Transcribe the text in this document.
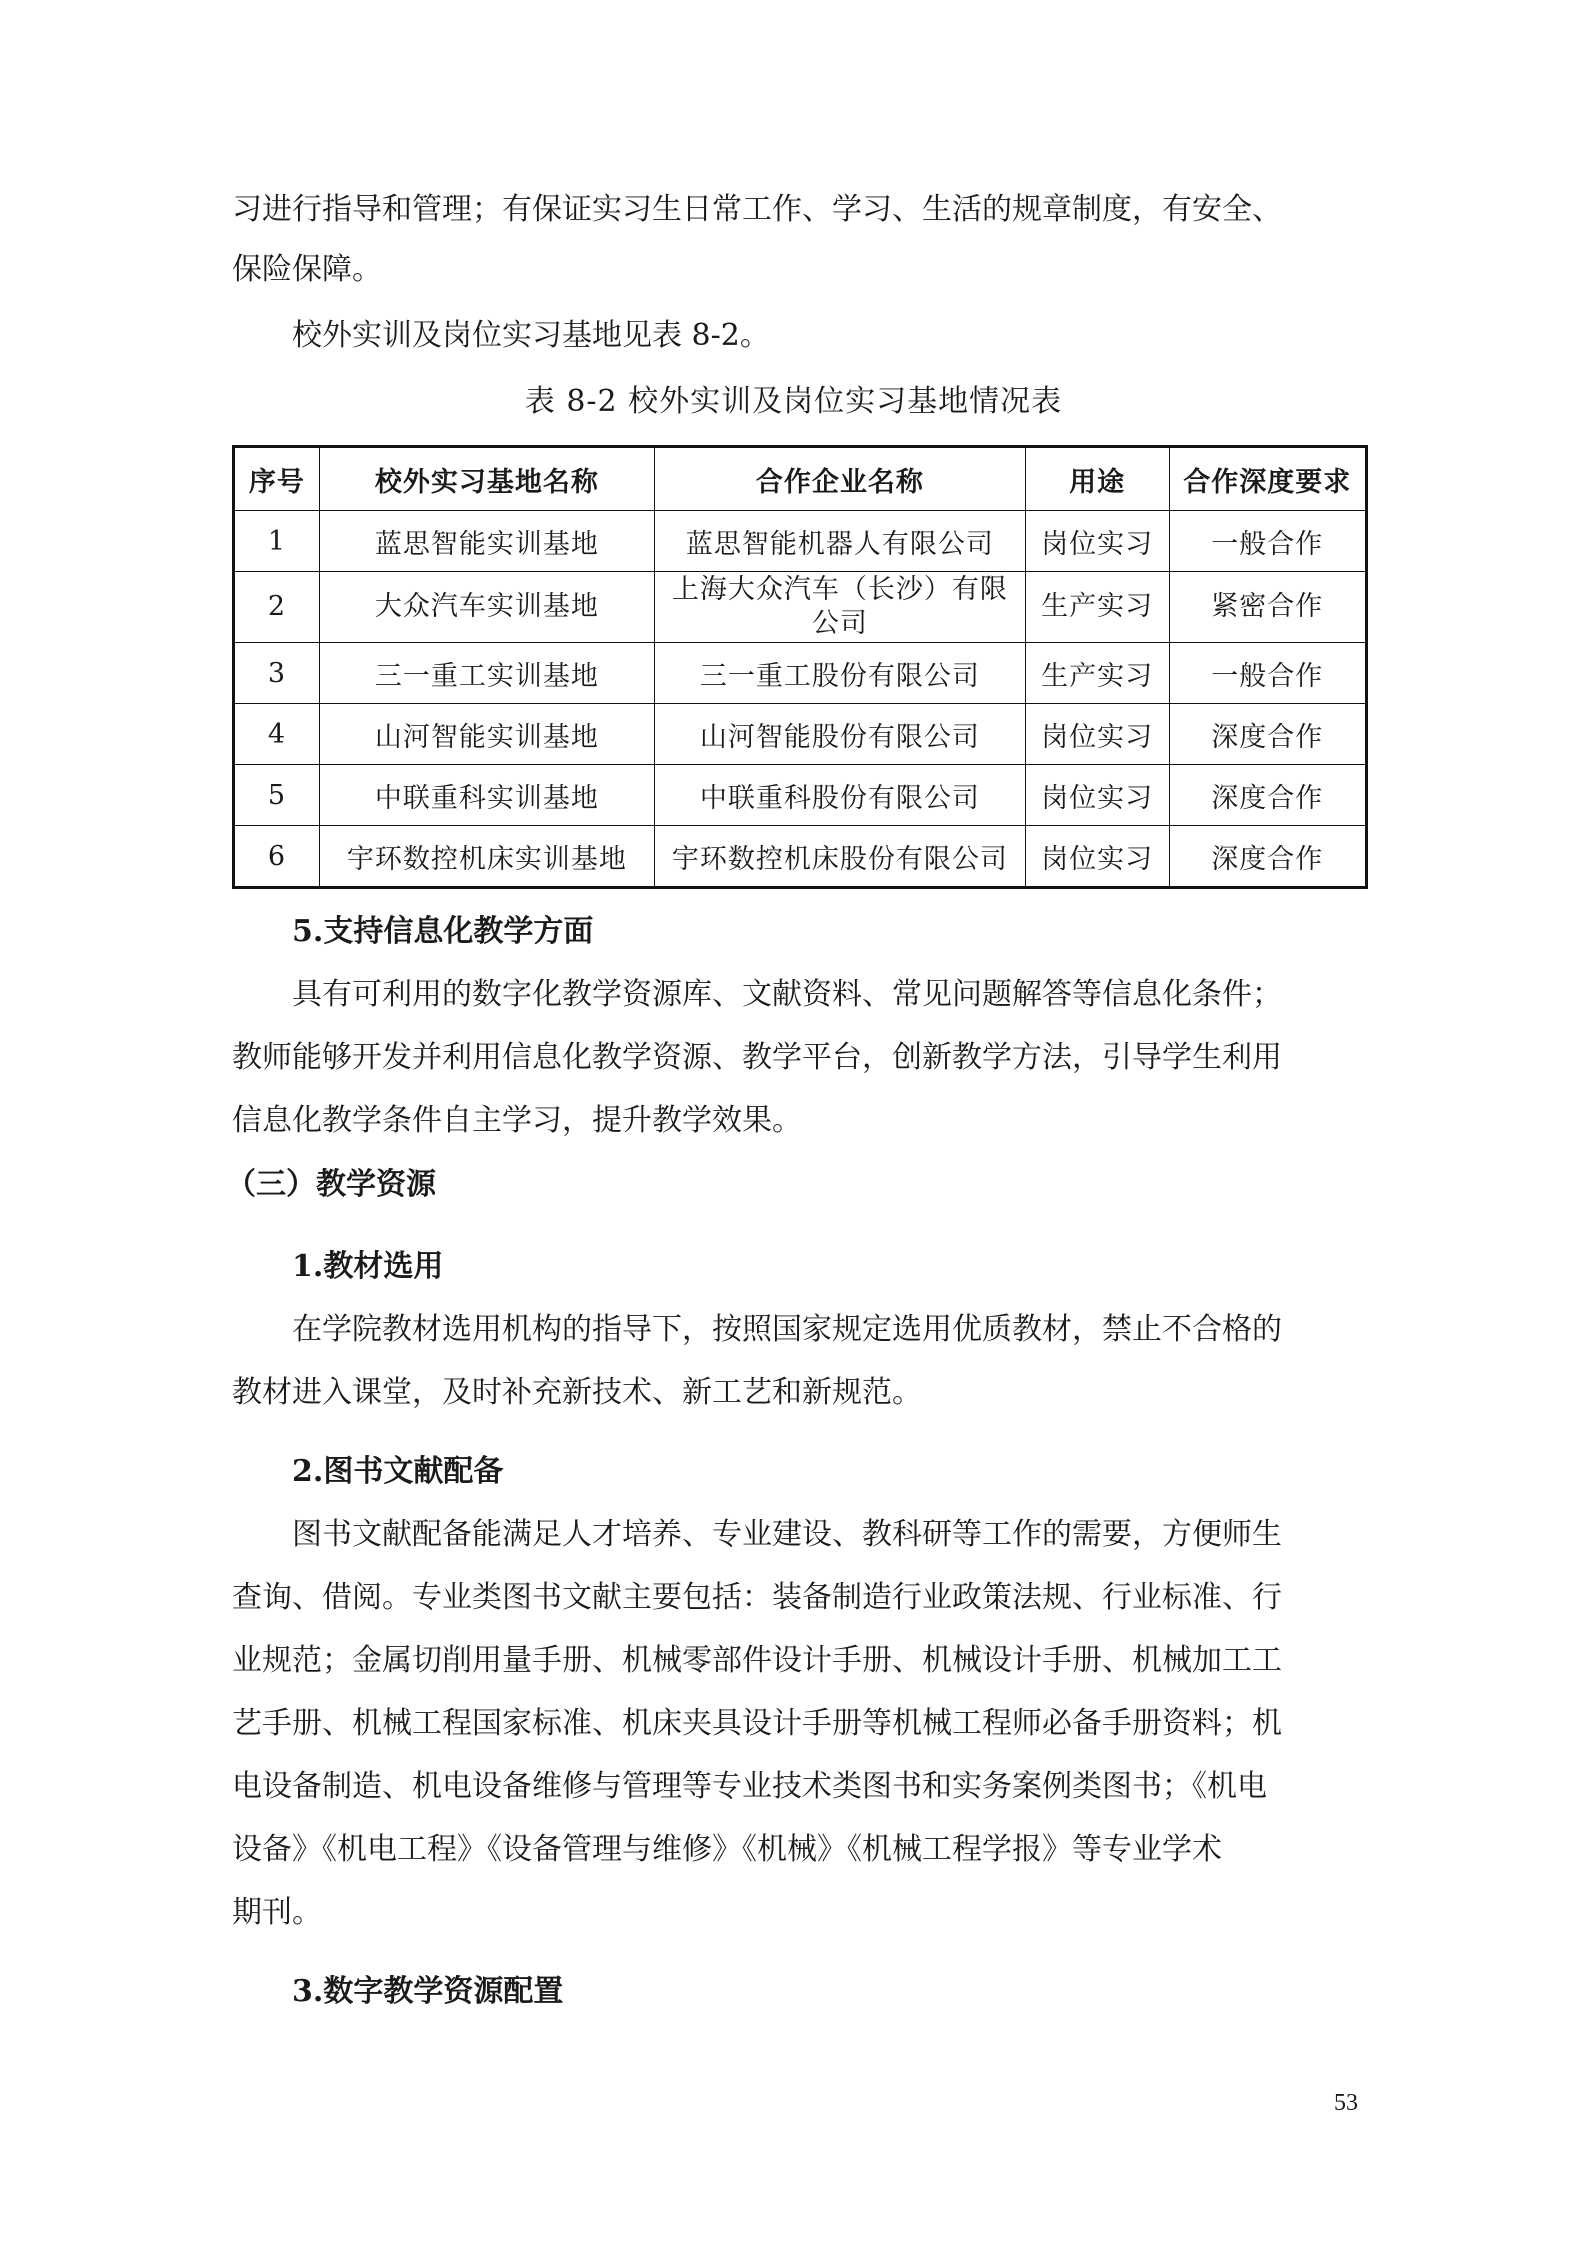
习进行指导和管理；有保证实习生日常工作、学习、生活的规章制度，有安全、
保险保障。
校外实训及岗位实习基地见表 8-2。
表 8-2 校外实训及岗位实习基地情况表
序号	校外实习基地名称	合作企业名称	用途	合作深度要求
1	蓝思智能实训基地	蓝思智能机器人有限公司	岗位实习	一般合作
2	大众汽车实训基地	上海大众汽车（长沙）有限
公司	生产实习	紧密合作
3	三一重工实训基地	三一重工股份有限公司	生产实习	一般合作
4	山河智能实训基地	山河智能股份有限公司	岗位实习	深度合作
5	中联重科实训基地	中联重科股份有限公司	岗位实习	深度合作
6	宇环数控机床实训基地	宇环数控机床股份有限公司	岗位实习	深度合作
5.支持信息化教学方面
具有可利用的数字化教学资源库、文献资料、常见问题解答等信息化条件；
教师能够开发并利用信息化教学资源、教学平台，创新教学方法，引导学生利用
信息化教学条件自主学习，提升教学效果。
（三）教学资源
1.教材选用
在学院教材选用机构的指导下，按照国家规定选用优质教材，禁止不合格的
教材进入课堂，及时补充新技术、新工艺和新规范。
2.图书文献配备
图书文献配备能满足人才培养、专业建设、教科研等工作的需要，方便师生
查询、借阅。专业类图书文献主要包括：装备制造行业政策法规、行业标准、行
业规范；金属切削用量手册、机械零部件设计手册、机械设计手册、机械加工工
艺手册、机械工程国家标准、机床夹具设计手册等机械工程师必备手册资料；机
电设备制造、机电设备维修与管理等专业技术类图书和实务案例类图书；《机电
设备》《机电工程》《设备管理与维修》《机械》《机械工程学报》等专业学术
期刊。
3.数字教学资源配置
53
